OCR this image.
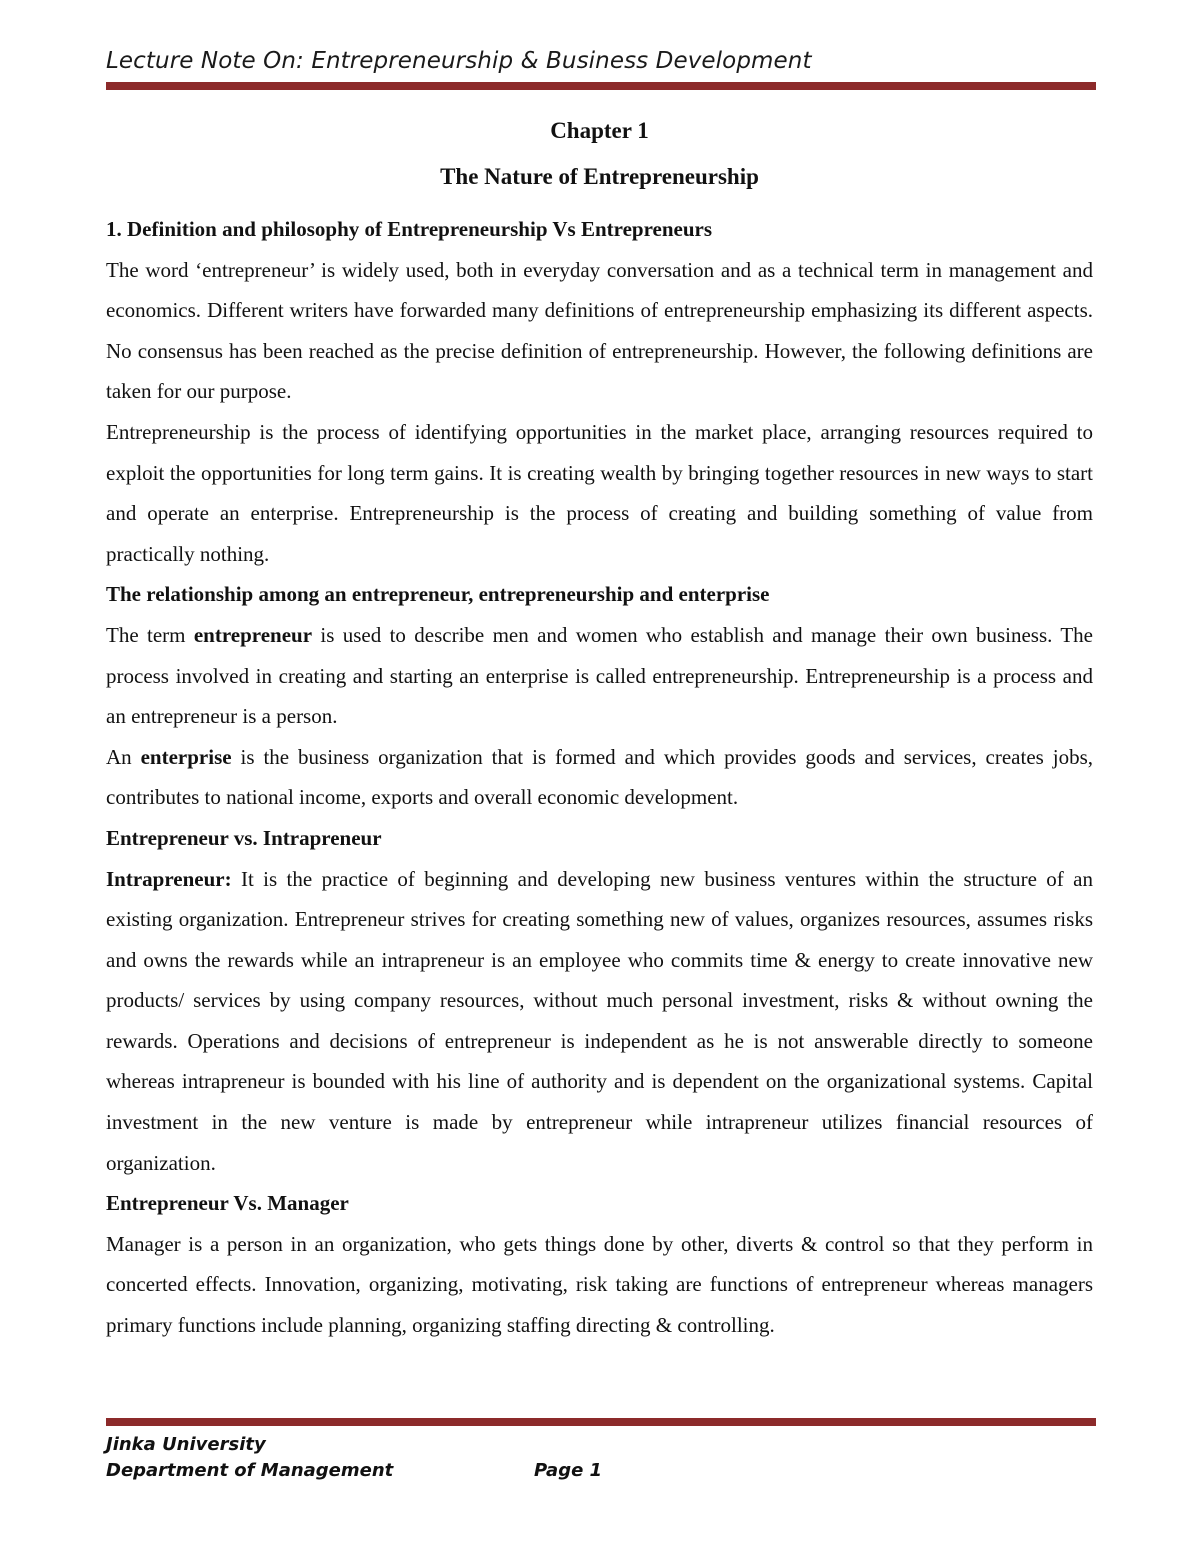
Lecture Note On: Entrepreneurship & Business Development
Chapter 1
The Nature of Entrepreneurship
1. Definition and philosophy of Entrepreneurship Vs Entrepreneurs

The word ‘entrepreneur’ is widely used, both in everyday conversation and as a technical term in management and economics. Different writers have forwarded many definitions of entrepreneurship emphasizing its different aspects. No consensus has been reached as the precise definition of entrepreneurship. However, the following definitions are taken for our purpose.

Entrepreneurship is the process of identifying opportunities in the market place, arranging resources required to exploit the opportunities for long term gains. It is creating wealth by bringing together resources in new ways to start and operate an enterprise. Entrepreneurship is the process of creating and building something of value from practically nothing.

The relationship among an entrepreneur, entrepreneurship and enterprise

The term entrepreneur is used to describe men and women who establish and manage their own business. The process involved in creating and starting an enterprise is called entrepreneurship. Entrepreneurship is a process and an entrepreneur is a person.

An enterprise is the business organization that is formed and which provides goods and services, creates jobs, contributes to national income, exports and overall economic development.

Entrepreneur vs. Intrapreneur

Intrapreneur: It is the practice of beginning and developing new business ventures within the structure of an existing organization. Entrepreneur strives for creating something new of values, organizes resources, assumes risks and owns the rewards while an intrapreneur is an employee who commits time & energy to create innovative new products/ services by using company resources, without much personal investment, risks & without owning the rewards. Operations and decisions of entrepreneur is independent as he is not answerable directly to someone whereas intrapreneur is bounded with his line of authority and is dependent on the organizational systems. Capital investment in the new venture is made by entrepreneur while intrapreneur utilizes financial resources of organization.

Entrepreneur Vs. Manager

Manager is a person in an organization, who gets things done by other, diverts & control so that they perform in concerted effects. Innovation, organizing, motivating, risk taking are functions of entrepreneur whereas managers primary functions include planning, organizing staffing directing & controlling.

Jinka University
Department of Management	Page 1
